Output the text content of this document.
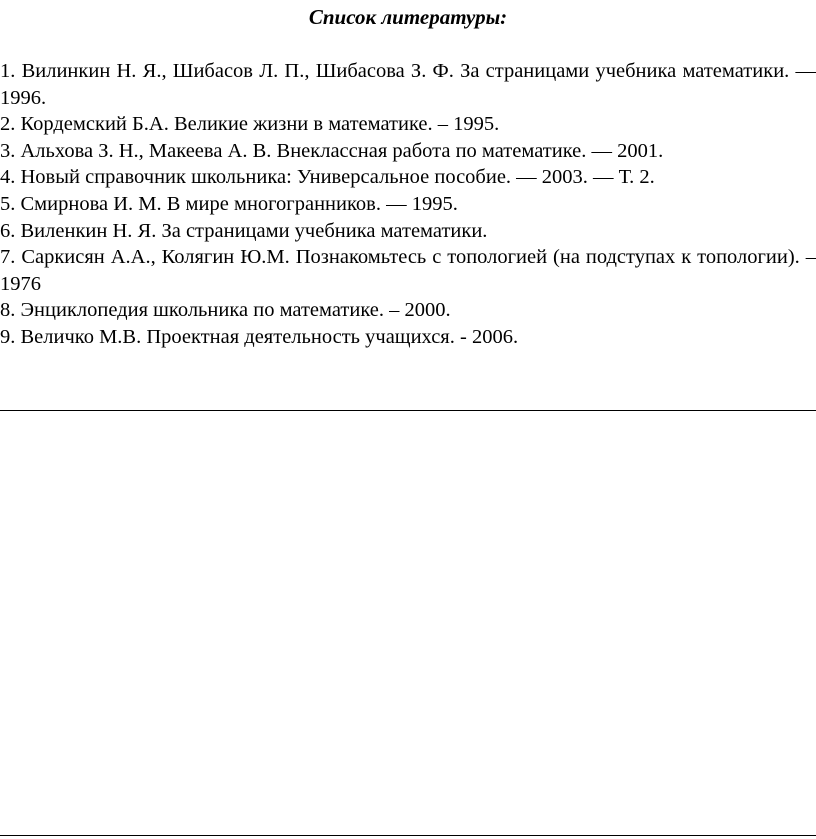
Список литературы:
1. Вилинкин Н. Я., Шибасов Л. П., Шибасова З. Ф. За страницами учебника математики. — 1996.
2. Кордемский Б.А. Великие жизни в математике. – 1995.
3. Альхова З. Н., Макеева А. В. Внеклассная работа по математике. — 2001.
4. Новый справочник школьника: Универсальное пособие. — 2003. — Т. 2.
5. Смирнова И. М. В мире многогранников. — 1995.
6. Виленкин Н. Я. За страницами учебника математики.
7. Саркисян А.А., Колягин Ю.М. Познакомьтесь с топологией (на подступах к топологии). – 1976
8. Энциклопедия школьника по математике. – 2000.
9. Величко М.В. Проектная деятельность учащихся. - 2006.
